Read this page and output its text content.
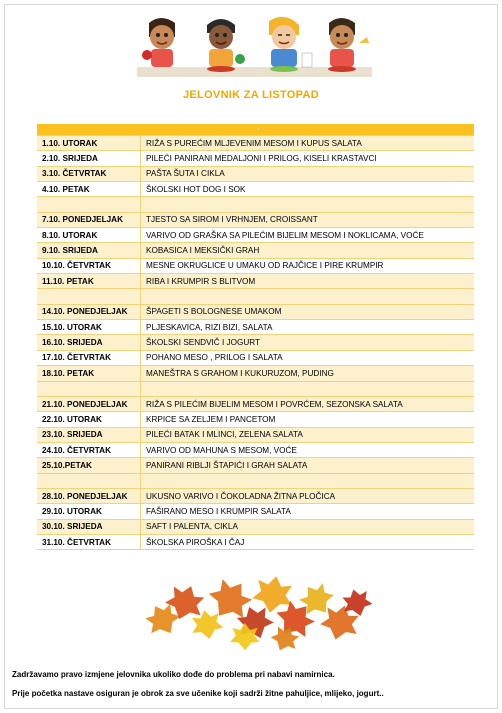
JELOVNIK ZA LISTOPAD
-	
1.10. UTORAK	RIŽA S PUREĆIM MLJEVENIM MESOM I KUPUS SALATA
2.10. SRIJEDA	PILEĆI PANIRANI MEDALJONI I PRILOG, KISELI KRASTAVCI
3.10. ČETVRTAK	PAŠTA ŠUTA I CIKLA
4.10. PETAK	ŠKOLSKI HOT DOG I SOK

7.10. PONEDJELJAK	TJESTO SA SIROM I VRHNJEM, CROISSANT
8.10. UTORAK	VARIVO OD GRAŠKA SA PILEĆIM BIJELIM MESOM I NOKLICAMA, VOĆE
9.10. SRIJEDA	KOBASICA I MEKSIČKI GRAH
10.10. ČETVRTAK	MESNE OKRUGLICE U UMAKU OD RAJČICE I PIRE KRUMPIR
11.10. PETAK	RIBA I KRUMPIR S BLITVOM

14.10. PONEDJELJAK	ŠPAGETI S BOLOGNESE UMAKOM
15.10. UTORAK	PLJESKAVICA, RIZI BIZI, SALATA
16.10. SRIJEDA	ŠKOLSKI SENDVIČ I JOGURT
17.10. ČETVRTAK	POHANO MESO , PRILOG I SALATA
18.10. PETAK	MANEŠTRA S GRAHOM I KUKURUZOM, PUDING

21.10. PONEDJELJAK	RIŽA S PILEĆIM BIJELIM MESOM I POVRĆEM, SEZONSKA SALATA
22.10. UTORAK	KRPICE SA ZELJEM I PANCETOM
23.10. SRIJEDA	PILEĆI BATAK I MLINCI, ZELENA SALATA
24.10. ČETVRTAK	VARIVO OD MAHUNA S MESOM, VOĆE
25.10.PETAK	PANIRANI RIBLJI ŠTAPIĆI I GRAH SALATA

28.10. PONEDJELJAK	UKUSNO VARIVO I ČOKOLADNA ŽITNA PLOČICA
29.10. UTORAK	FAŠIRANO MESO I KRUMPIR SALATA
30.10. SRIJEDA	SAFT I PALENTA, CIKLA
31.10. ČETVRTAK	ŠKOLSKA PIROŠKA I ČAJ
Zadržavamo pravo izmjene jelovnika ukoliko dođe do problema pri nabavi namirnica.
Prije početka nastave osiguran je obrok za sve učenike koji sadrži žitne pahuljice, mlijeko, jogurt..
